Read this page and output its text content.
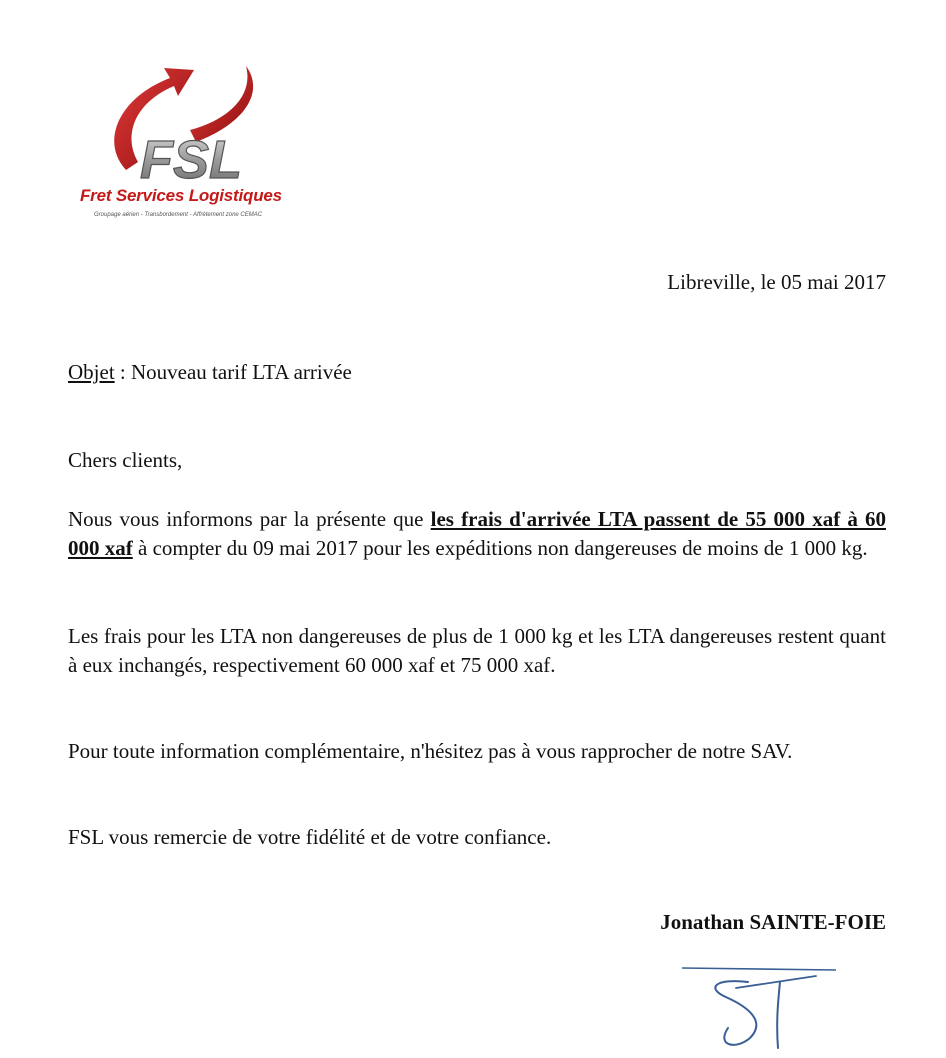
FSL
Fret Services Logistiques
Groupage aérien - Transbordement - Affrètement zone CEMAC
Libreville, le 05 mai 2017
Objet : Nouveau tarif LTA arrivée
Chers clients,
Nous vous informons par la présente que les frais d'arrivée LTA passent de 55 000 xaf à 60 000 xaf à compter du 09 mai 2017 pour les expéditions non dangereuses de moins de 1 000 kg.
Les frais pour les LTA non dangereuses de plus de 1 000 kg et les LTA dangereuses restent quant à eux inchangés, respectivement 60 000 xaf et 75 000 xaf.
Pour toute information complémentaire, n'hésitez pas à vous rapprocher de notre SAV.
FSL vous remercie de votre fidélité et de votre confiance.
Jonathan SAINTE-FOIE
